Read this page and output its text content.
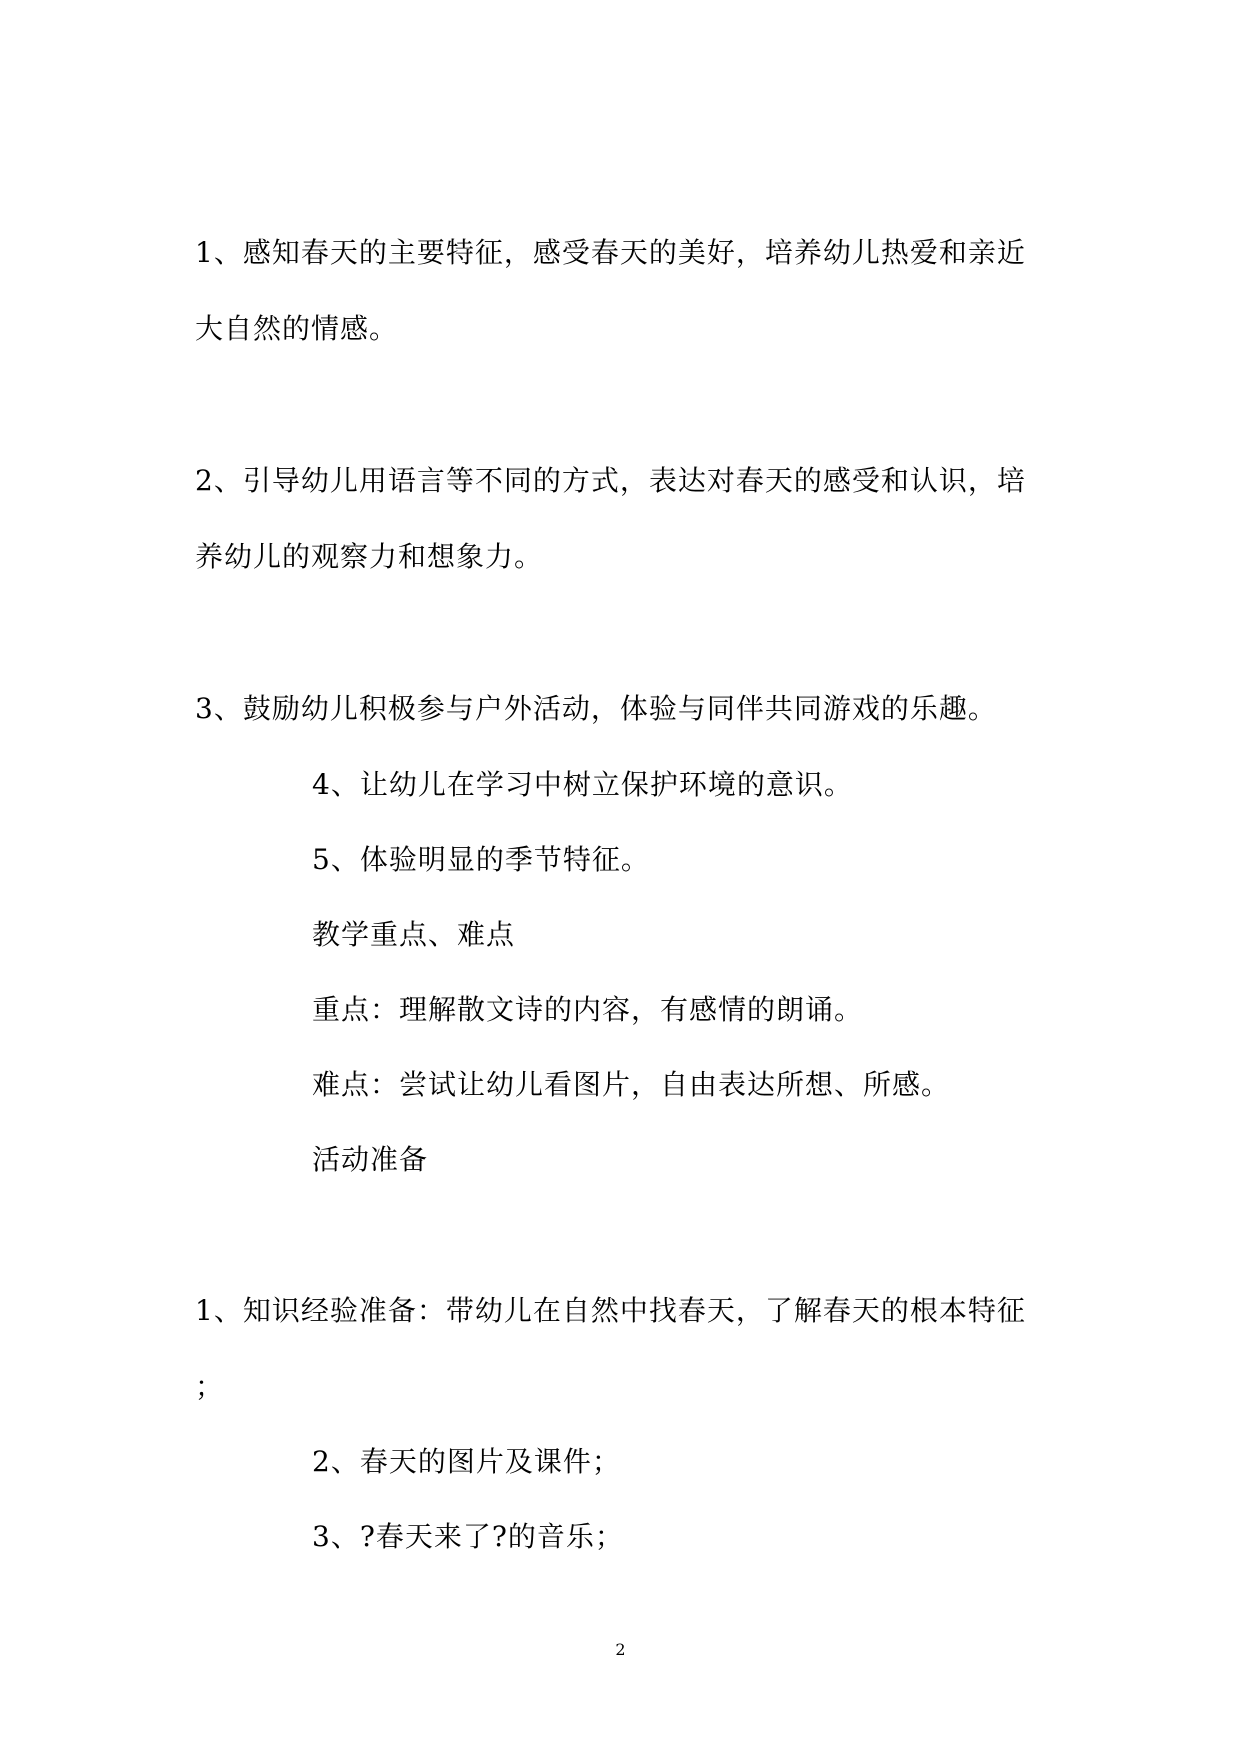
1、感知春天的主要特征，感受春天的美好，培养幼儿热爱和亲近
大自然的情感。
2、引导幼儿用语言等不同的方式，表达对春天的感受和认识，培
养幼儿的观察力和想象力。
3、鼓励幼儿积极参与户外活动，体验与同伴共同游戏的乐趣。
4、让幼儿在学习中树立保护环境的意识。
5、体验明显的季节特征。
教学重点、难点
重点：理解散文诗的内容，有感情的朗诵。
难点：尝试让幼儿看图片，自由表达所想、所感。
活动准备
1、知识经验准备：带幼儿在自然中找春天，了解春天的根本特征
；
2、春天的图片及课件；
3、?春天来了?的音乐；
2
